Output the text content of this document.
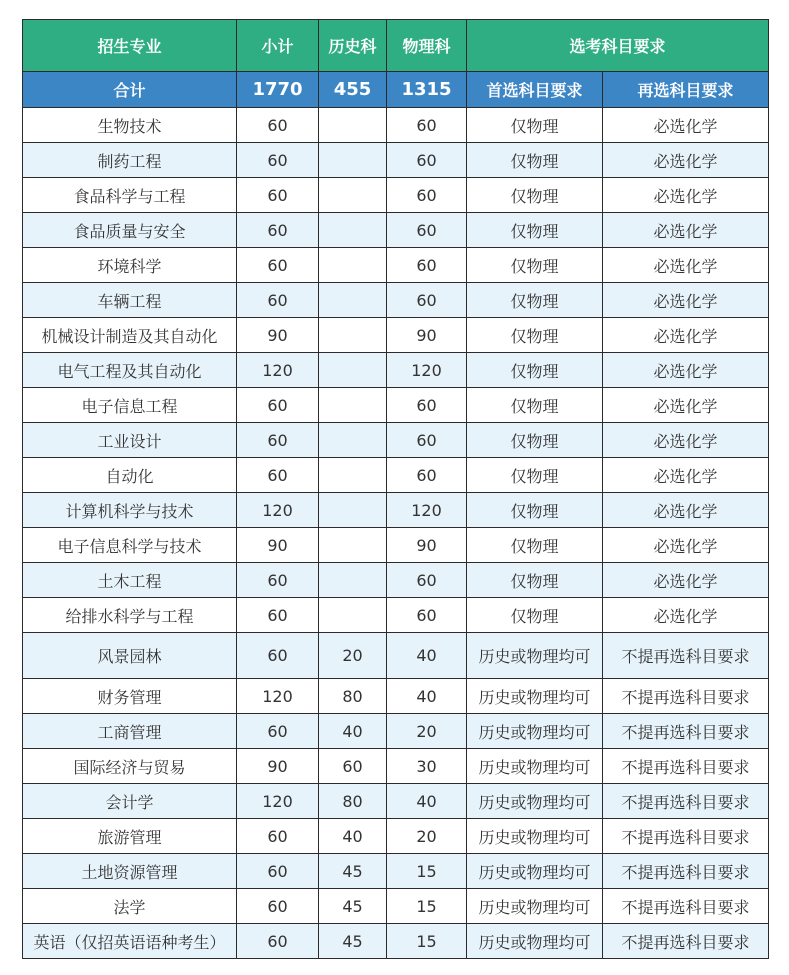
招生专业	小计	历史科	物理科	选考科目要求	
合计	1770	455	1315	首选科目要求	再选科目要求
生物技术	60		60	仅物理	必选化学
制药工程	60		60	仅物理	必选化学
食品科学与工程	60		60	仅物理	必选化学
食品质量与安全	60		60	仅物理	必选化学
环境科学	60		60	仅物理	必选化学
车辆工程	60		60	仅物理	必选化学
机械设计制造及其自动化	90		90	仅物理	必选化学
电气工程及其自动化	120		120	仅物理	必选化学
电子信息工程	60		60	仅物理	必选化学
工业设计	60		60	仅物理	必选化学
自动化	60		60	仅物理	必选化学
计算机科学与技术	120		120	仅物理	必选化学
电子信息科学与技术	90		90	仅物理	必选化学
土木工程	60		60	仅物理	必选化学
给排水科学与工程	60		60	仅物理	必选化学
风景园林	60	20	40	历史或物理均可	不提再选科目要求
财务管理	120	80	40	历史或物理均可	不提再选科目要求
工商管理	60	40	20	历史或物理均可	不提再选科目要求
国际经济与贸易	90	60	30	历史或物理均可	不提再选科目要求
会计学	120	80	40	历史或物理均可	不提再选科目要求
旅游管理	60	40	20	历史或物理均可	不提再选科目要求
土地资源管理	60	45	15	历史或物理均可	不提再选科目要求
法学	60	45	15	历史或物理均可	不提再选科目要求
英语（仅招英语语种考生）	60	45	15	历史或物理均可	不提再选科目要求
